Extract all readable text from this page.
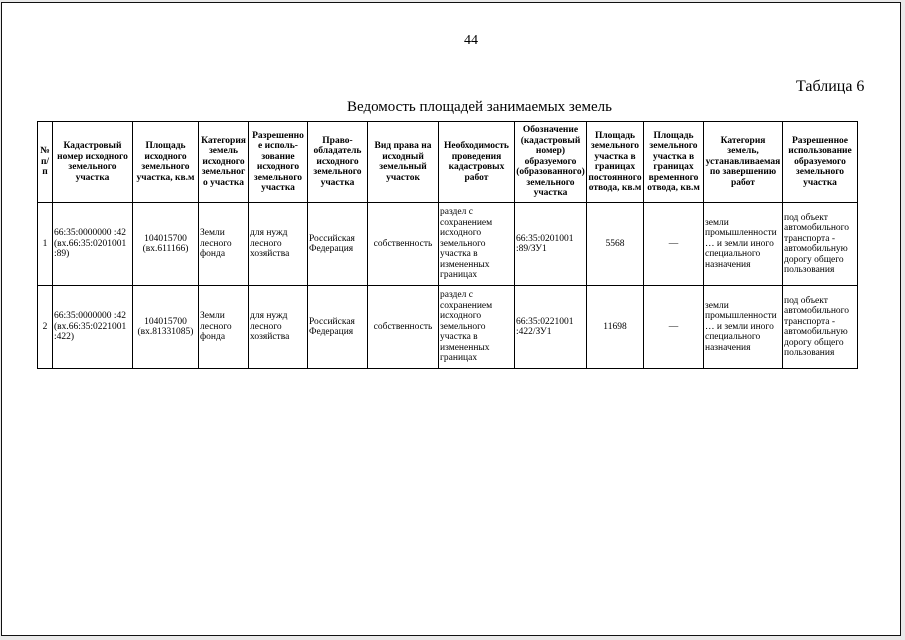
44
Таблица 6
Ведомость площадей занимаемых земель
№ п/п	Кадастровый номер исходного земельного участка	Площадь исходного земельного участка, кв.м	Категория земель исходного земельного участка	Разрешенное исполь- зование исходного земельного участка	Право- обладатель исходного земельного участка	Вид права на исходный земельный участок	Необходимость проведения кадастровых работ	Обозначение (кадастровый номер) образуемого (образованного) земельного участка	Площадь земельного участка в границах постоянного отвода, кв.м	Площадь земельного участка в границах временного отвода, кв.м	Категория земель, устанавливаемая по завершению работ	Разрешенное использование образуемого земельного участка
1	66:35:0000000 :42 (вх.66:35:0201001 :89)	104015700 (вх.611166)	Земли лесного фонда	для нужд лесного хозяйства	Российская Федерация	собственность	раздел с сохранением исходного земельного участка в измененных границах	66:35:0201001 :89/ЗУ1	5568	—	земли промышленности … и земли иного специального назначения	под объект автомобильного транспорта - автомобильную дорогу общего пользования
2	66:35:0000000 :42 (вх.66:35:0221001 :422)	104015700 (вх.81331085)	Земли лесного фонда	для нужд лесного хозяйства	Российская Федерация	собственность	раздел с сохранением исходного земельного участка в измененных границах	66:35:0221001 :422/ЗУ1	11698	—	земли промышленности … и земли иного специального назначения	под объект автомобильного транспорта - автомобильную дорогу общего пользования
